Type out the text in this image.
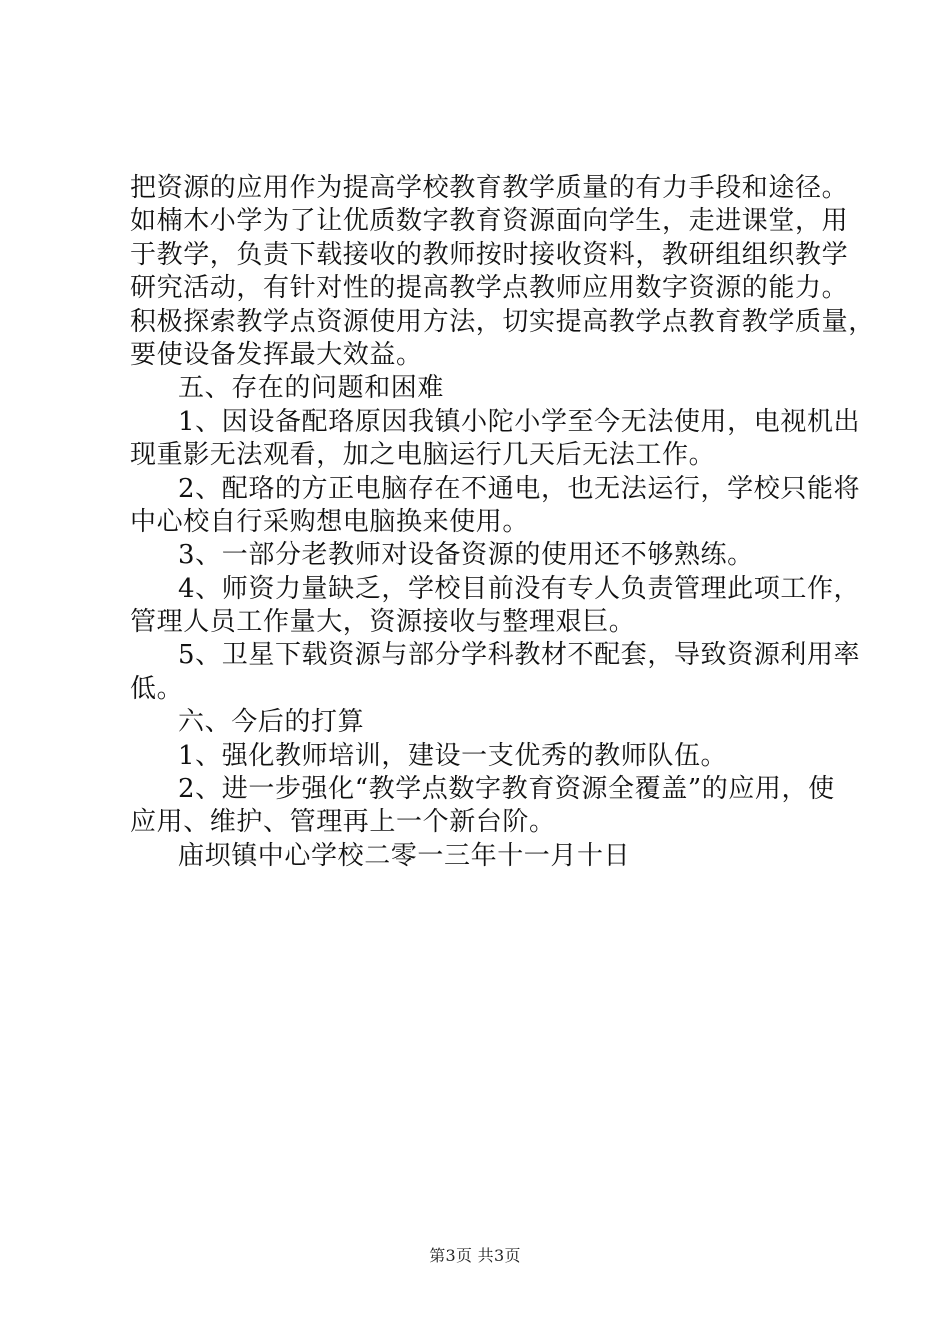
把资源的应用作为提高学校教育教学质量的有力手段和途径。
如楠木小学为了让优质数字教育资源面向学生，走进课堂，用
于教学，负责下载接收的教师按时接收资料，教研组组织教学
研究活动，有针对性的提高教学点教师应用数字资源的能力。
积极探索教学点资源使用方法，切实提高教学点教育教学质量，
要使设备发挥最大效益。
五、存在的问题和困难
1、因设备配珞原因我镇小陀小学至今无法使用，电视机出
现重影无法观看，加之电脑运行几天后无法工作。
2、配珞的方正电脑存在不通电，也无法运行，学校只能将
中心校自行采购想电脑换来使用。
3、一部分老教师对设备资源的使用还不够熟练。
4、师资力量缺乏，学校目前没有专人负责管理此项工作，
管理人员工作量大，资源接收与整理艰巨。
5、卫星下载资源与部分学科教材不配套，导致资源利用率
低。
六、今后的打算
1、强化教师培训，建设一支优秀的教师队伍。
2、进一步强化“教学点数字教育资源全覆盖”的应用，使
应用、维护、管理再上一个新台阶。
庙坝镇中心学校二零一三年十一月十日
第3页 共3页
